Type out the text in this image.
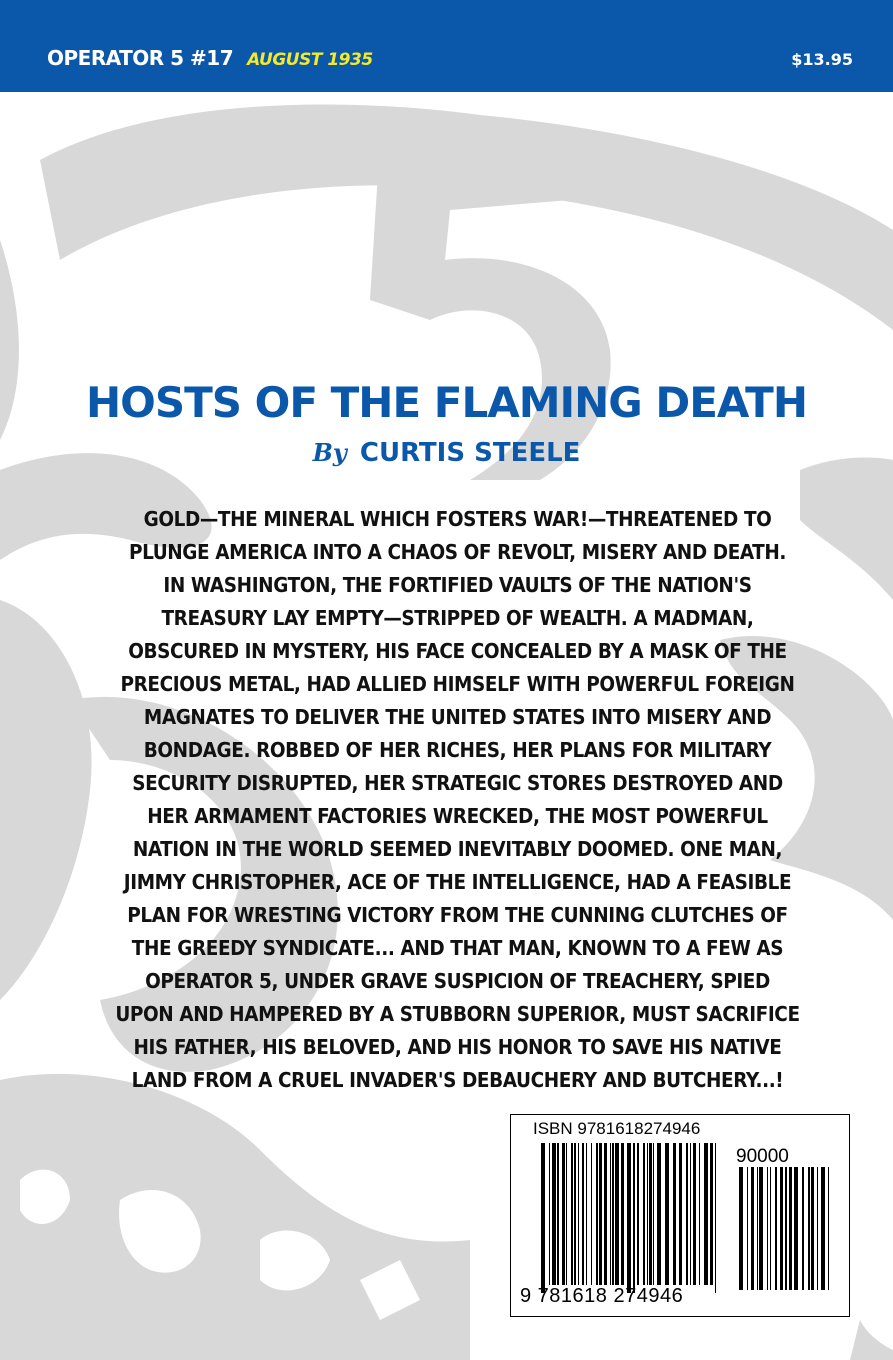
OPERATOR 5 #17 AUGUST 1935	$13.95
HOSTS OF THE FLAMING DEATH
By CURTIS STEELE
GOLD—THE MINERAL WHICH FOSTERS WAR!—THREATENED TO
PLUNGE AMERICA INTO A CHAOS OF REVOLT, MISERY AND DEATH.
IN WASHINGTON, THE FORTIFIED VAULTS OF THE NATION'S
TREASURY LAY EMPTY—STRIPPED OF WEALTH. A MADMAN,
OBSCURED IN MYSTERY, HIS FACE CONCEALED BY A MASK OF THE
PRECIOUS METAL, HAD ALLIED HIMSELF WITH POWERFUL FOREIGN
MAGNATES TO DELIVER THE UNITED STATES INTO MISERY AND
BONDAGE. ROBBED OF HER RICHES, HER PLANS FOR MILITARY
SECURITY DISRUPTED, HER STRATEGIC STORES DESTROYED AND
HER ARMAMENT FACTORIES WRECKED, THE MOST POWERFUL
NATION IN THE WORLD SEEMED INEVITABLY DOOMED. ONE MAN,
JIMMY CHRISTOPHER, ACE OF THE INTELLIGENCE, HAD A FEASIBLE
PLAN FOR WRESTING VICTORY FROM THE CUNNING CLUTCHES OF
THE GREEDY SYNDICATE... AND THAT MAN, KNOWN TO A FEW AS
OPERATOR 5, UNDER GRAVE SUSPICION OF TREACHERY, SPIED
UPON AND HAMPERED BY A STUBBORN SUPERIOR, MUST SACRIFICE
HIS FATHER, HIS BELOVED, AND HIS HONOR TO SAVE HIS NATIVE
LAND FROM A CRUEL INVADER'S DEBAUCHERY AND BUTCHERY...!
ISBN 9781618274946
90000
9 781618 274946
